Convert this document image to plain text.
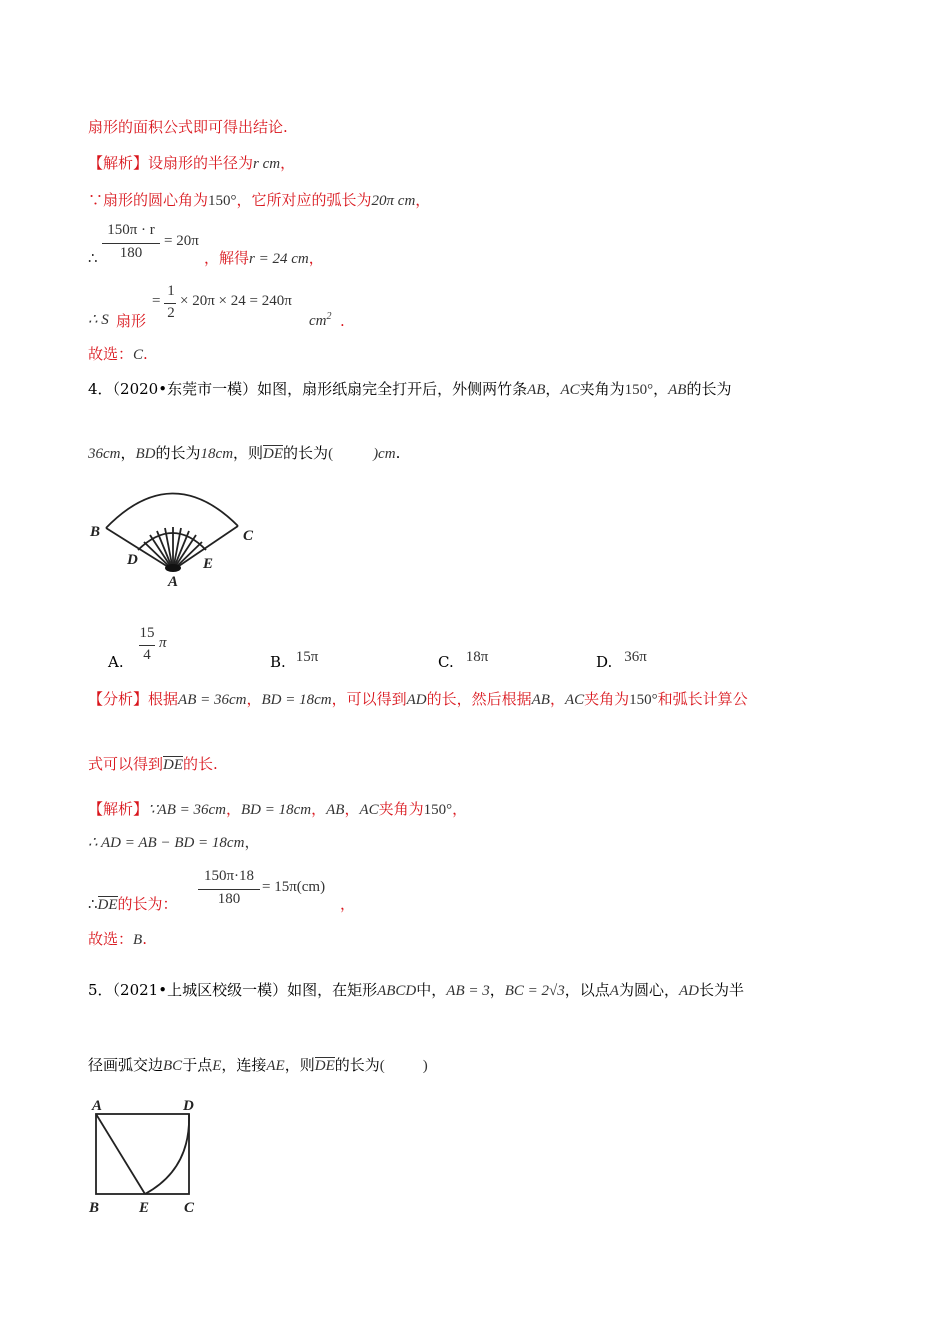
扇形的面积公式即可得出结论.
【解析】设扇形的半径为r cm，
∵扇形的圆心角为150°，它所对应的弧长为20π cm，
150π · r
180
= 20π
∴	，解得r = 24 cm，
∴ S 扇形
=
1
2
× 20π × 24 = 240π
$cm^2$ .
故选：C.
4．（2020•东莞市一模）如图，扇形纸扇完全打开后，外侧两竹条AB，AC夹角为150°，AB的长为
36cm，BD的长为18cm，则DE的长为(	)cm.
B	C
D	E
A
A.
15
4
π
B. 15π	C. 18π	D. 36π
【分析】根据AB = 36cm，BD = 18cm，可以得到AD的长，然后根据AB，AC夹角为150°和弧长计算公
式可以得到DE的长.
【解析】∵AB = 36cm，BD = 18cm，AB，AC夹角为150°，
∴ AD = AB − BD = 18cm，
150π·18
180
= 15π(cm)
∴DE的长为：	，
故选：B.
5．（2021•上城区校级一模）如图，在矩形ABCD中，AB = 3，BC = 2√3，以点A为圆心，AD长为半
径画弧交边BC于点E，连接AE，则DE的长为(	)
A	D
B	E C
